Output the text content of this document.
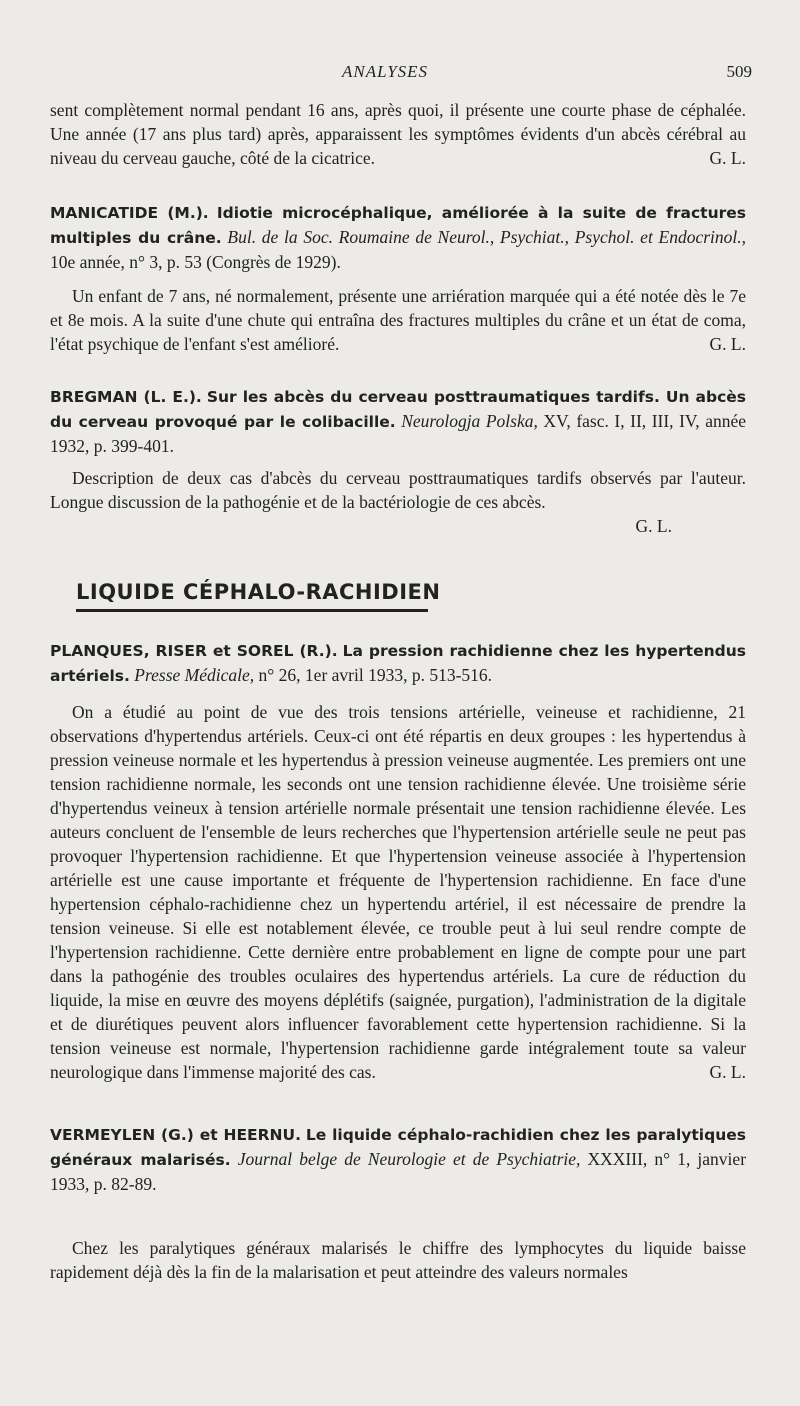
ANALYSES	509

sent complètement normal pendant 16 ans, après quoi, il présente une courte phase de céphalée. Une année (17 ans plus tard) après, apparaissent les symptômes évidents d'un abcès cérébral au niveau du cerveau gauche, côté de la cicatrice.	G. L.

MANICATIDE (M.). Idiotie microcéphalique, améliorée à la suite de fractures multiples du crâne. Bul. de la Soc. Roumaine de Neurol., Psychiat., Psychol. et Endocrinol., 10e année, n° 3, p. 53 (Congrès de 1929).

Un enfant de 7 ans, né normalement, présente une arriération marquée qui a été notée dès le 7e et 8e mois. A la suite d'une chute qui entraîna des fractures multiples du crâne et un état de coma, l'état psychique de l'enfant s'est amélioré.	G. L.

BREGMAN (L. E.). Sur les abcès du cerveau posttraumatiques tardifs. Un abcès du cerveau provoqué par le colibacille. Neurologja Polska, XV, fasc. I, II, III, IV, année 1932, p. 399-401.

Description de deux cas d'abcès du cerveau posttraumatiques tardifs observés par l'auteur. Longue discussion de la pathogénie et de la bactériologie de ces abcès.

G. L.
LIQUIDE CÉPHALO-RACHIDIEN
PLANQUES, RISER et SOREL (R.). La pression rachidienne chez les hypertendus artériels. Presse Médicale, n° 26, 1er avril 1933, p. 513-516.

On a étudié au point de vue des trois tensions artérielle, veineuse et rachidienne, 21 observations d'hypertendus artériels. Ceux-ci ont été répartis en deux groupes : les hypertendus à pression veineuse normale et les hypertendus à pression veineuse augmentée. Les premiers ont une tension rachidienne normale, les seconds ont une tension rachidienne élevée. Une troisième série d'hypertendus veineux à tension artérielle normale présentait une tension rachidienne élevée. Les auteurs concluent de l'ensemble de leurs recherches que l'hypertension artérielle seule ne peut pas provoquer l'hypertension rachidienne. Et que l'hypertension veineuse associée à l'hypertension artérielle est une cause importante et fréquente de l'hypertension rachidienne. En face d'une hypertension céphalo-rachidienne chez un hypertendu artériel, il est nécessaire de prendre la tension veineuse. Si elle est notablement élevée, ce trouble peut à lui seul rendre compte de l'hypertension rachidienne. Cette dernière entre probablement en ligne de compte pour une part dans la pathogénie des troubles oculaires des hypertendus artériels. La cure de réduction du liquide, la mise en œuvre des moyens déplétifs (saignée, purgation), l'administration de la digitale et de diurétiques peuvent alors influencer favorablement cette hypertension rachidienne. Si la tension veineuse est normale, l'hypertension rachidienne garde intégralement toute sa valeur neurologique dans l'immense majorité des cas.	G. L.

VERMEYLEN (G.) et HEERNU. Le liquide céphalo-rachidien chez les paralytiques généraux malarisés. Journal belge de Neurologie et de Psychiatrie, XXXIII, n° 1, janvier 1933, p. 82-89.

Chez les paralytiques généraux malarisés le chiffre des lymphocytes du liquide baisse rapidement déjà dès la fin de la malarisation et peut atteindre des valeurs normales
